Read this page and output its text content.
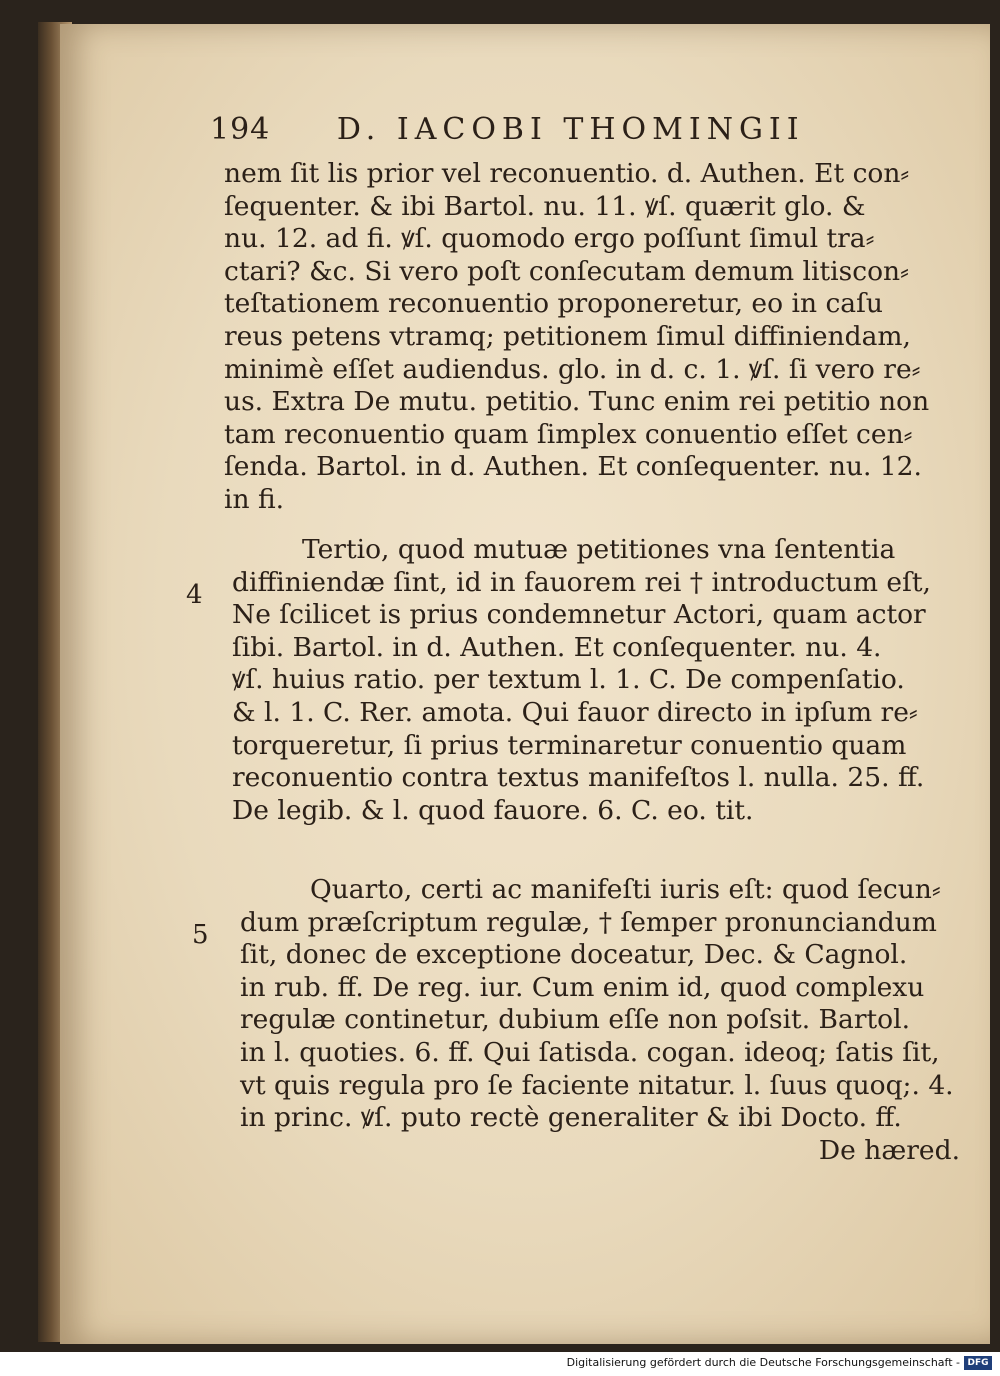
194 D. IACOBI THOMINGII
nem ſit lis prior vel reconuentio. d. Authen. Et con⸗
ſequenter. & ibi Bartol. nu. 11. ꝟſ. quærit glo. &
nu. 12. ad fi. ꝟſ. quomodo ergo poſſunt ſimul tra⸗
ctari? &c. Si vero poſt conſecutam demum litiscon⸗
teſtationem reconuentio proponeretur, eo in caſu
reus petens vtramq; petitionem ſimul diffiniendam,
minimè eſſet audiendus. glo. in d. c. 1. ꝟſ. ſi vero re⸗
us. Extra De mutu. petitio. Tunc enim rei petitio non
tam reconuentio quam ſimplex conuentio eſſet cen⸗
ſenda. Bartol. in d. Authen. Et conſequenter. nu. 12.
in fi.
4
Tertio, quod mutuæ petitiones vna ſententia
diffiniendæ ſint, id in fauorem rei † introductum eſt,
Ne ſcilicet is prius condemnetur Actori, quam actor
ſibi. Bartol. in d. Authen. Et conſequenter. nu. 4.
ꝟſ. huius ratio. per textum l. 1. C. De compenſatio.
& l. 1. C. Rer. amota. Qui fauor directo in ipſum re⸗
torqueretur, ſi prius terminaretur conuentio quam
reconuentio contra textus manifeſtos l. nulla. 25. ff.
De legib. & l. quod fauore. 6. C. eo. tit.
5
Quarto, certi ac manifeſti iuris eſt: quod ſecun⸗
dum præſcriptum regulæ, † ſemper pronunciandum
ſit, donec de exceptione doceatur, Dec. & Cagnol.
in rub. ff. De reg. iur. Cum enim id, quod complexu
regulæ continetur, dubium eſſe non poſsit. Bartol.
in l. quoties. 6. ff. Qui ſatisda. cogan. ideoq; ſatis ſit,
vt quis regula pro ſe faciente nitatur. l. ſuus quoq;. 4.
in princ. ꝟſ. puto rectè generaliter & ibi Docto. ff.
De hæred.
Digitalisierung gefördert durch die Deutsche Forschungsgemeinschaft - DFG
